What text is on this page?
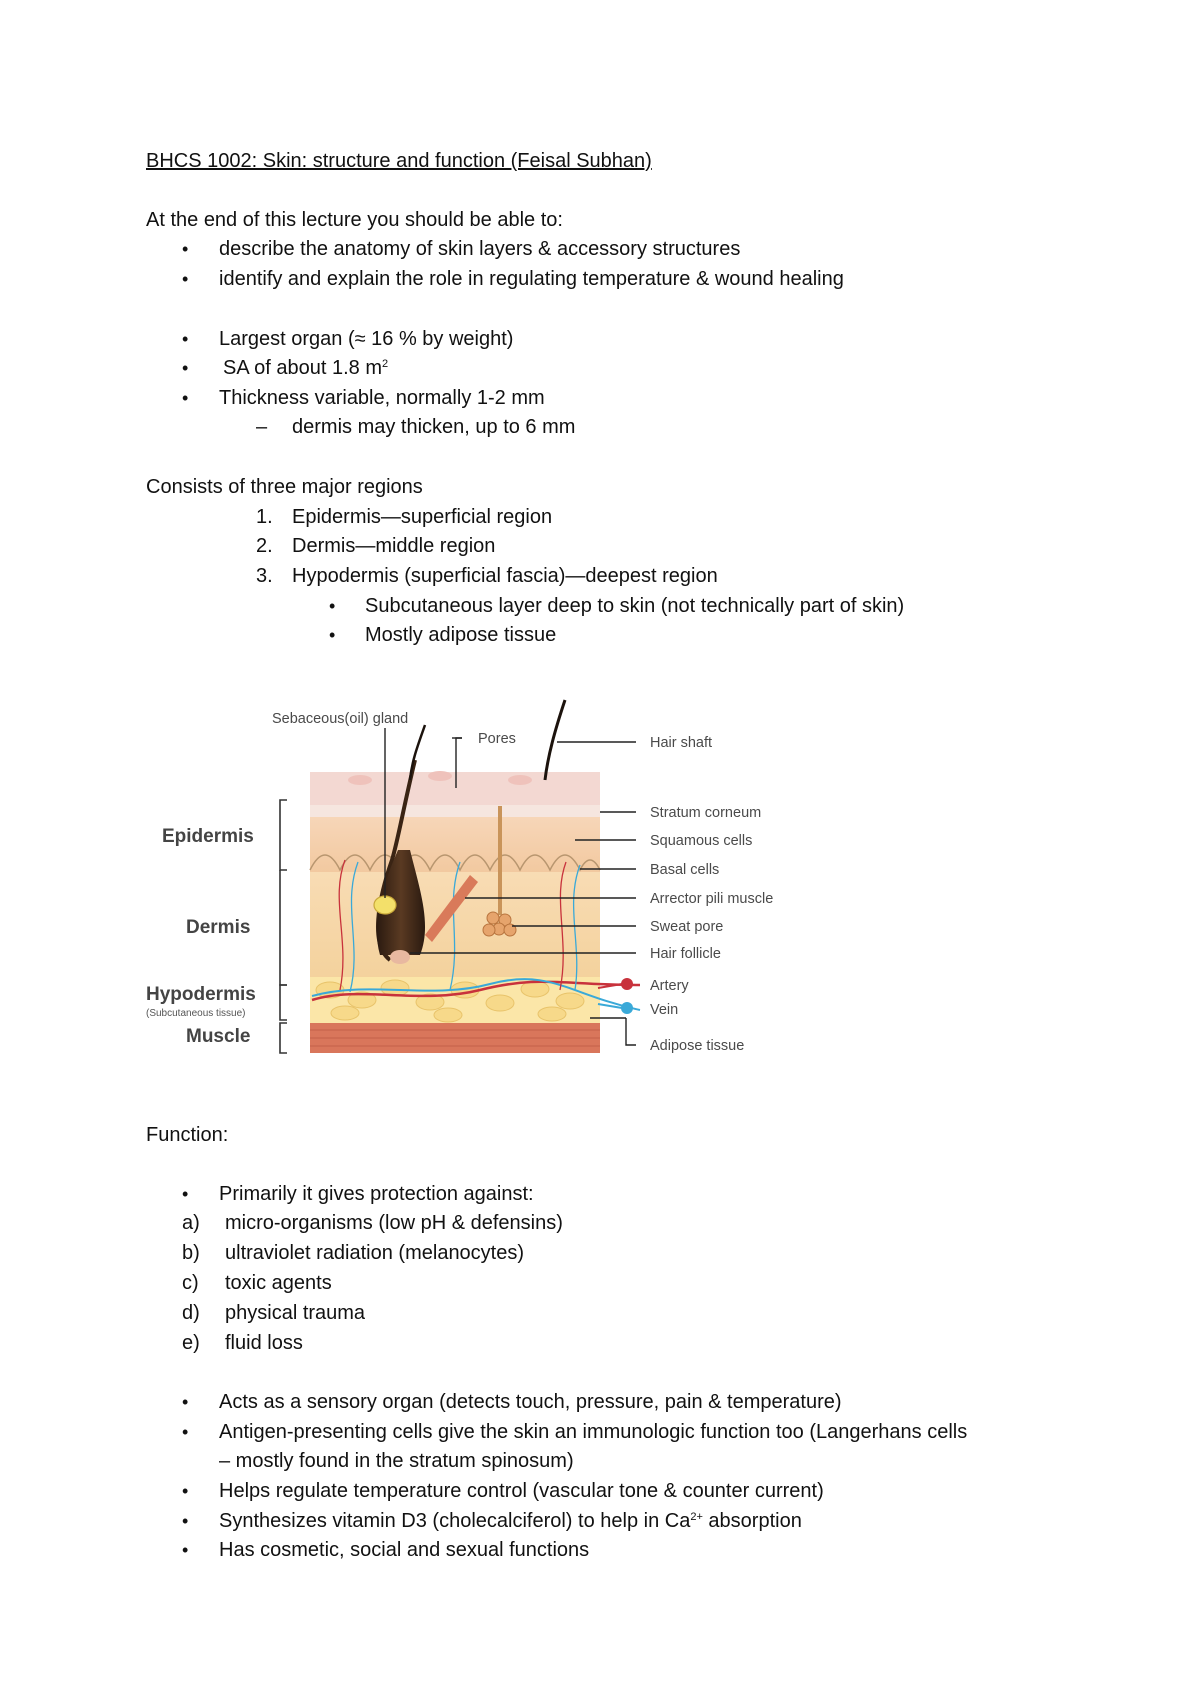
BHCS 1002: Skin: structure and function (Feisal Subhan)
At the end of this lecture you should be able to:
• describe the anatomy of skin layers & accessory structures
• identify and explain the role in regulating temperature & wound healing
• Largest organ (≈ 16 % by weight)
• SA of about 1.8 $m^2$
• Thickness variable, normally 1-2 mm
– dermis may thicken, up to 6 mm
Consists of three major regions
1. Epidermis—superficial region
2. Dermis—middle region
3. Hypodermis (superficial fascia)—deepest region
• Subcutaneous layer deep to skin (not technically part of skin)
• Mostly adipose tissue
Epidermis
Dermis
Hypodermis
(Subcutaneous tissue)
Muscle
Sebaceous(oil) gland
Pores	Hair shaft
Stratum corneum
Squamous cells
Basal cells
Arrector pili muscle
Sweat pore
Hair follicle
Artery
Vein
Adipose tissue
Function:
• Primarily it gives protection against:
a) micro-organisms (low pH & defensins)
b) ultraviolet radiation (melanocytes)
c) toxic agents
d) physical trauma
e) fluid loss
• Acts as a sensory organ (detects touch, pressure, pain & temperature)
• Antigen-presenting cells give the skin an immunologic function too (Langerhans cells
– mostly found in the stratum spinosum)
• Helps regulate temperature control (vascular tone & counter current)
• Synthesizes vitamin D3 (cholecalciferol) to help in $Ca^{2+}$ absorption
• Has cosmetic, social and sexual functions
